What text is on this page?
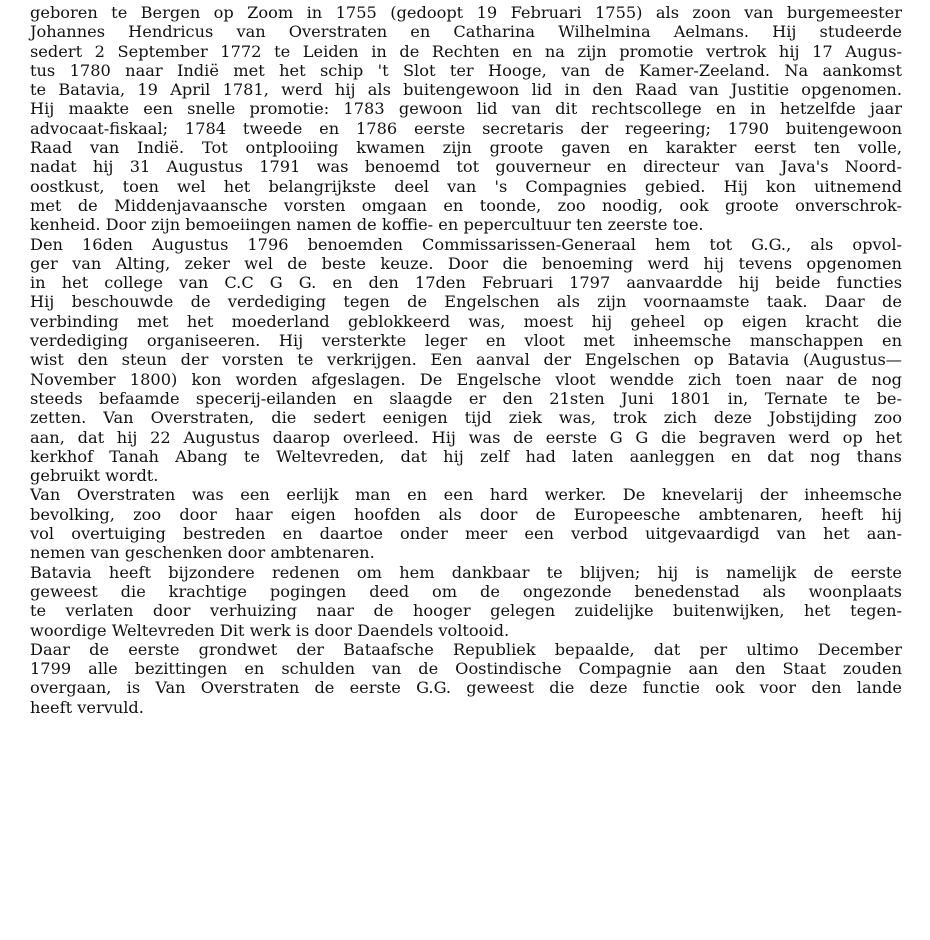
geboren te Bergen op Zoom in 1755 (gedoopt 19 Februari 1755) als zoon van burgemeester
Johannes Hendricus van Overstraten en Catharina Wilhelmina Aelmans. Hij studeerde
sedert 2 September 1772 te Leiden in de Rechten en na zijn promotie vertrok hij 17 Augus-
tus 1780 naar Indië met het schip 't Slot ter Hooge, van de Kamer-Zeeland. Na aankomst
te Batavia, 19 April 1781, werd hij als buitengewoon lid in den Raad van Justitie opgenomen.
Hij maakte een snelle promotie: 1783 gewoon lid van dit rechtscollege en in hetzelfde jaar
advocaat-fiskaal; 1784 tweede en 1786 eerste secretaris der regeering; 1790 buitengewoon
Raad van Indië. Tot ontplooiing kwamen zijn groote gaven en karakter eerst ten volle,
nadat hij 31 Augustus 1791 was benoemd tot gouverneur en directeur van Java's Noord-
oostkust, toen wel het belangrijkste deel van 's Compagnies gebied. Hij kon uitnemend
met de Middenjavaansche vorsten omgaan en toonde, zoo noodig, ook groote onverschrok-
kenheid. Door zijn bemoeiingen namen de koffie- en pepercultuur ten zeerste toe.
Den 16den Augustus 1796 benoemden Commissarissen-Generaal hem tot G.G., als opvol-
ger van Alting, zeker wel de beste keuze. Door die benoeming werd hij tevens opgenomen
in het college van C.C G G. en den 17den Februari 1797 aanvaardde hij beide functies
Hij beschouwde de verdediging tegen de Engelschen als zijn voornaamste taak. Daar de
verbinding met het moederland geblokkeerd was, moest hij geheel op eigen kracht die
verdediging organiseeren. Hij versterkte leger en vloot met inheemsche manschappen en
wist den steun der vorsten te verkrijgen. Een aanval der Engelschen op Batavia (Augustus—
November 1800) kon worden afgeslagen. De Engelsche vloot wendde zich toen naar de nog
steeds befaamde specerij-eilanden en slaagde er den 21sten Juni 1801 in, Ternate te be-
zetten. Van Overstraten, die sedert eenigen tijd ziek was, trok zich deze Jobstijding zoo
aan, dat hij 22 Augustus daarop overleed. Hij was de eerste G G die begraven werd op het
kerkhof Tanah Abang te Weltevreden, dat hij zelf had laten aanleggen en dat nog thans
gebruikt wordt.
Van Overstraten was een eerlijk man en een hard werker. De knevelarij der inheemsche
bevolking, zoo door haar eigen hoofden als door de Europeesche ambtenaren, heeft hij
vol overtuiging bestreden en daartoe onder meer een verbod uitgevaardigd van het aan-
nemen van geschenken door ambtenaren.
Batavia heeft bijzondere redenen om hem dankbaar te blijven; hij is namelijk de eerste
geweest die krachtige pogingen deed om de ongezonde benedenstad als woonplaats
te verlaten door verhuizing naar de hooger gelegen zuidelijke buitenwijken, het tegen-
woordige Weltevreden Dit werk is door Daendels voltooid.
Daar de eerste grondwet der Bataafsche Republiek bepaalde, dat per ultimo December
1799 alle bezittingen en schulden van de Oostindische Compagnie aan den Staat zouden
overgaan, is Van Overstraten de eerste G.G. geweest die deze functie ook voor den lande
heeft vervuld.
